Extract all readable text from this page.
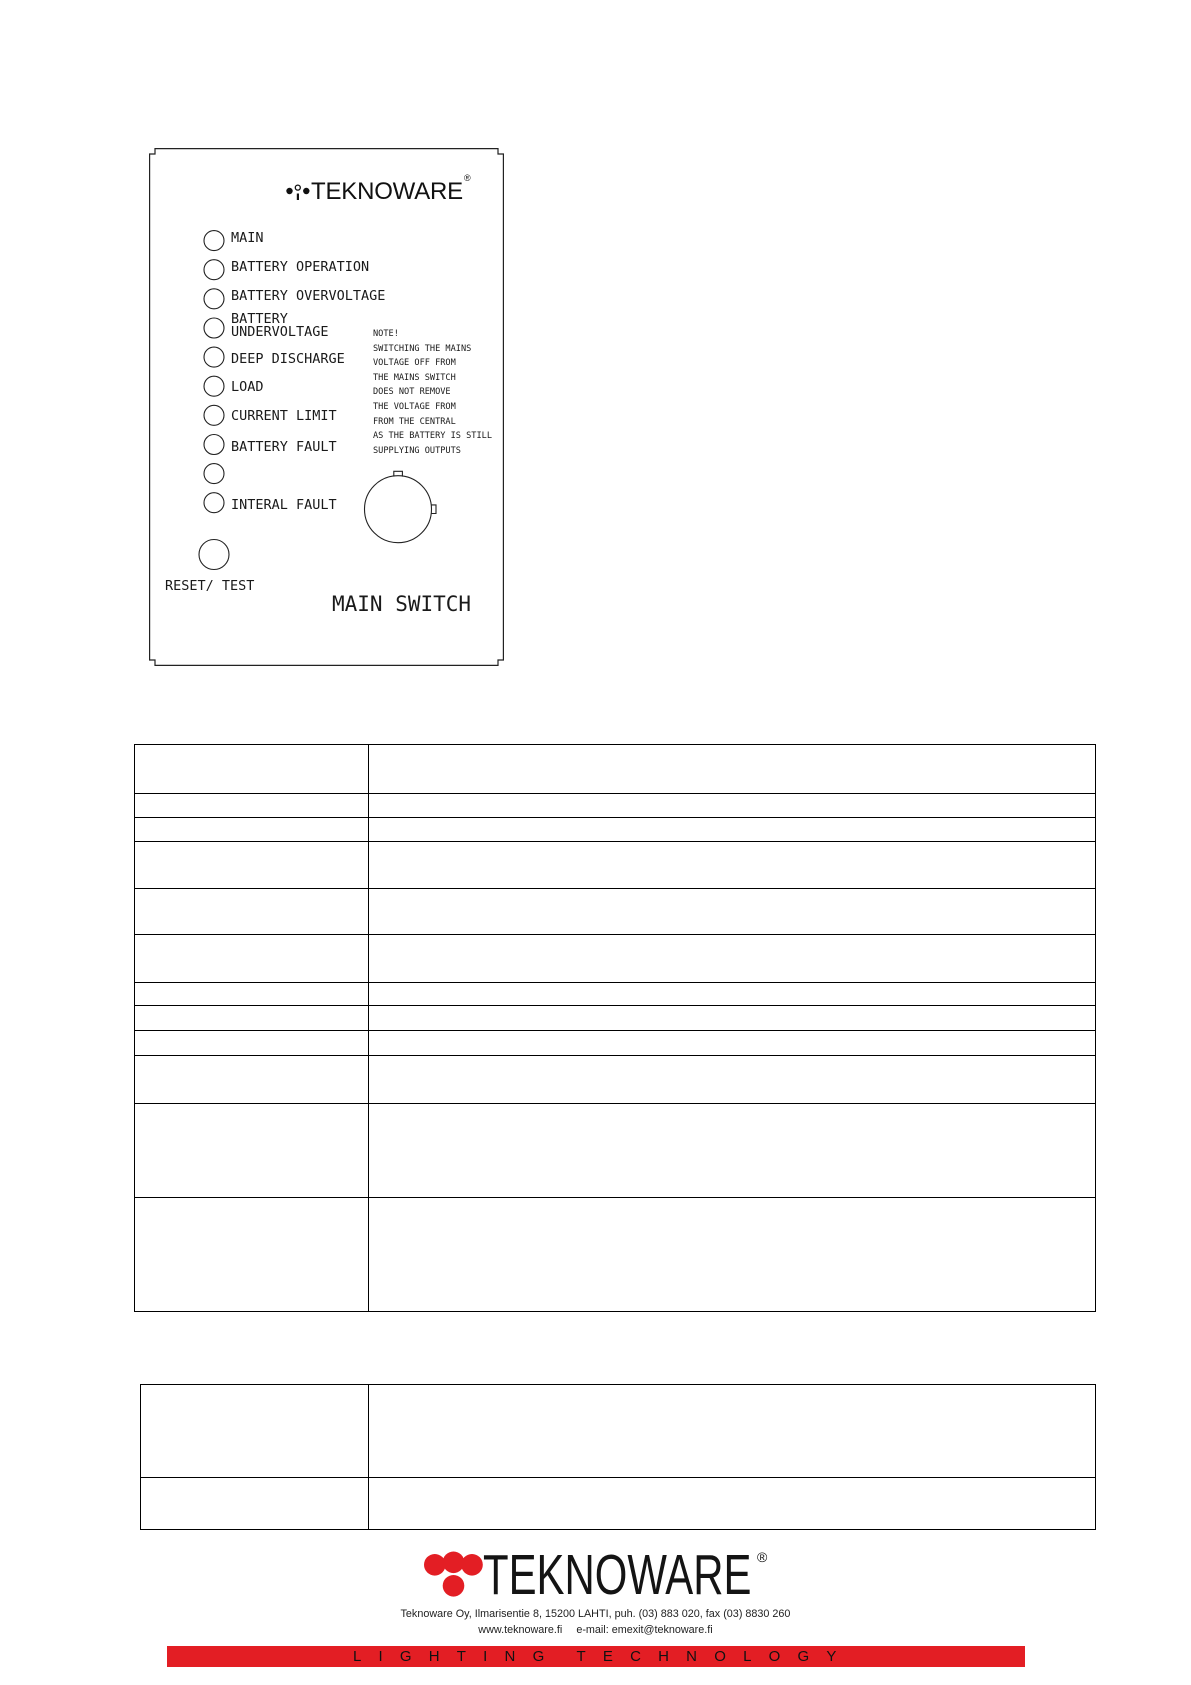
TEKNOWARE ®
MAIN
BATTERY OPERATION
BATTERY OVERVOLTAGE
BATTERY
UNDERVOLTAGE
DEEP DISCHARGE
LOAD
CURRENT LIMIT
BATTERY FAULT
INTERAL FAULT
NOTE!
SWITCHING THE MAINS
VOLTAGE OFF FROM
THE MAINS SWITCH
DOES NOT REMOVE
THE VOLTAGE FROM
FROM THE CENTRAL
AS THE BATTERY IS STILL
SUPPLYING OUTPUTS
RESET/ TEST
MAIN SWITCH
TEKNOWARE ®
Teknoware Oy, Ilmarisentie 8, 15200 LAHTI, puh. (03) 883 020, fax (03) 8830 260
www.teknoware.fi e-mail: emexit@teknoware.fi
LIGHTING TECHNOLOGY
